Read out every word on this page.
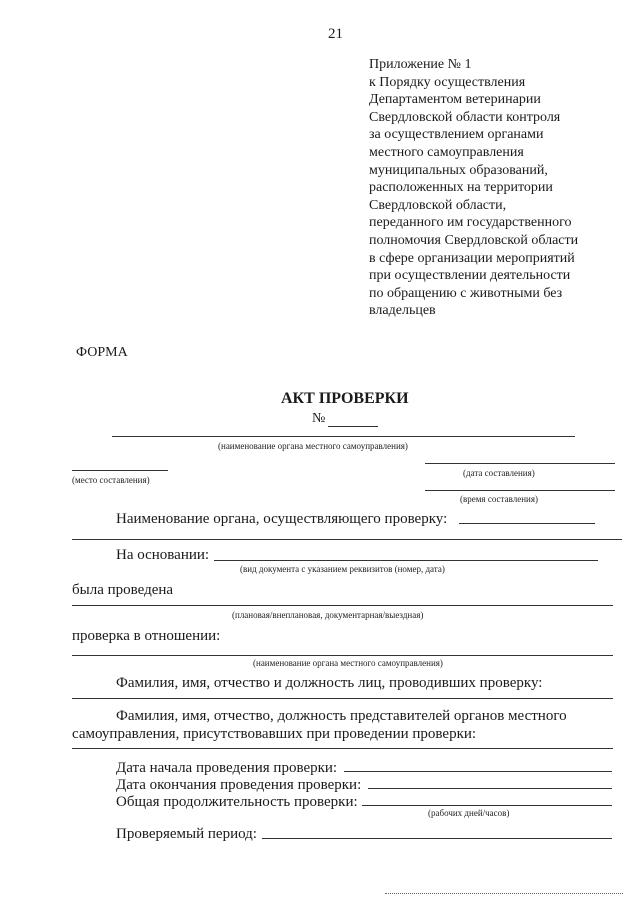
21
Приложение № 1
к Порядку осуществления
Департаментом ветеринарии
Свердловской области контроля
за осуществлением органами
местного самоуправления
муниципальных образований,
расположенных на территории
Свердловской области,
переданного им государственного
полномочия Свердловской области
в сфере организации мероприятий
при осуществлении деятельности
по обращению с животными без
владельцев
ФОРМА
АКТ ПРОВЕРКИ
№
(наименование органа местного самоуправления)
(место составления)
(дата составления)
(время составления)
Наименование органа, осуществляющего проверку:
На основании:
(вид документа с указанием реквизитов (номер, дата)
была проведена
(плановая/внеплановая, документарная/выездная)
проверка в отношении:
(наименование органа местного самоуправления)
Фамилия, имя, отчество и должность лиц, проводивших проверку:
Фамилия, имя, отчество, должность представителей органов местного
самоуправления, присутствовавших при проведении проверки:
Дата начала проведения проверки:
Дата окончания проведения проверки:
Общая продолжительность проверки:
(рабочих дней/часов)
Проверяемый период:
